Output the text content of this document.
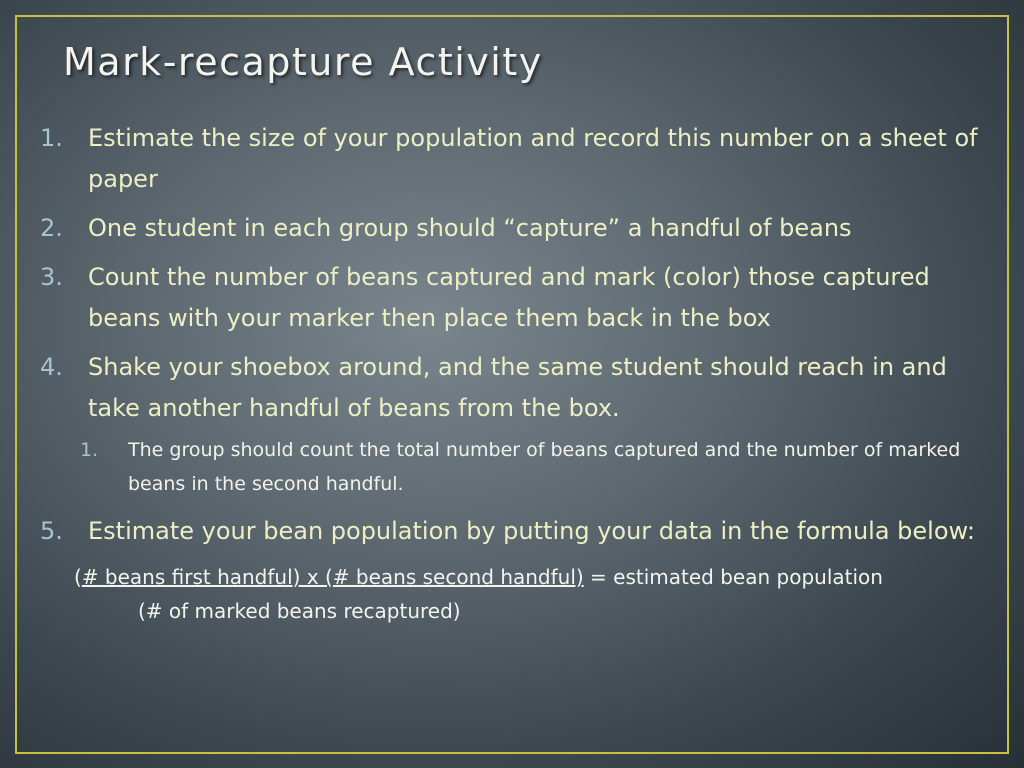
Mark-recapture Activity
1. Estimate the size of your population and record this number on a sheet of paper
2. One student in each group should “capture” a handful of beans
3. Count the number of beans captured and mark (color) those captured beans with your marker then place them back in the box
4. Shake your shoebox around, and the same student should reach in and take another handful of beans from the box.
1. The group should count the total number of beans captured and the number of marked beans in the second handful.
5. Estimate your bean population by putting your data in the formula below:
(# beans first handful) x (# beans second handful) = estimated bean population
(# of marked beans recaptured)
